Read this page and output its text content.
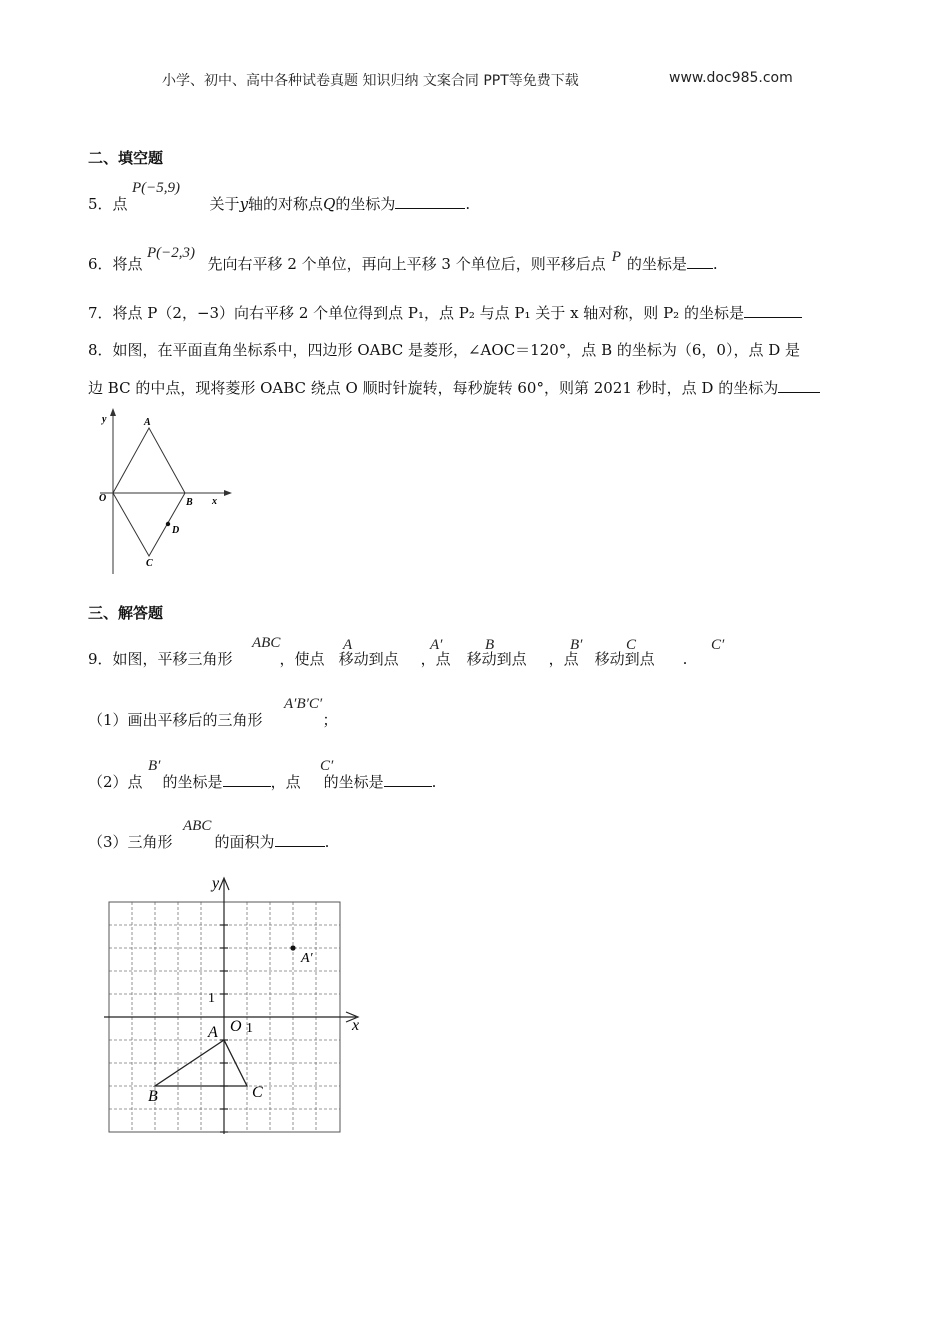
小学、初中、高中各种试卷真题 知识归纳 文案合同 PPT等免费下载	www.doc985.com
二、填空题
P(−5,9)
5．点	关于y轴的对称点Q的坐标为	.
P(−2,3)
6．将点	先向右平移 2 个单位，再向上平移 3 个单位后，则平移后点 P 的坐标是 .
7．将点 P（2，−3）向右平移 2 个单位得到点 P₁，点 P₂ 与点 P₁ 关于 x 轴对称，则 P₂ 的坐标是
8．如图，在平面直角坐标系中，四边形 OABC 是菱形，∠AOC＝120°，点 B 的坐标为（6，0），点 D 是
边 BC 的中点，现将菱形 OABC 绕点 O 顺时针旋转，每秒旋转 60°，则第 2021 秒时，点 D 的坐标为
y
x
O
A
B
C
D
三、解答题
ABC	A	A′	B	B′	C	C′
9．如图，平移三角形	，使点 移动到点 ，点 移动到点 ，点 移动到点 .
A′B′C′
（1）画出平移后的三角形	；
B′	C′
（2）点 的坐标是	，点 的坐标是	.
ABC
（3）三角形	的面积为	.
y
x
1
1
O
A
B	C
A′
